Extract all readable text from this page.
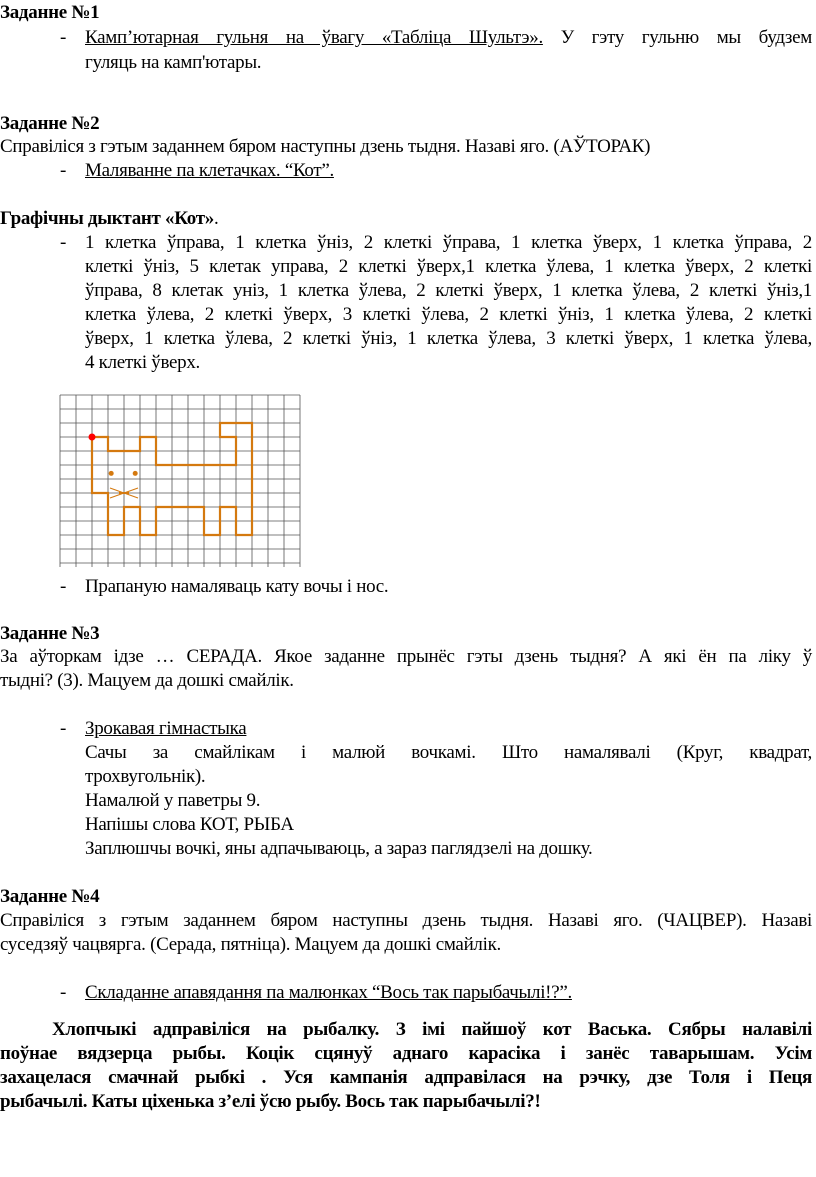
Заданне №1
- Камп’ютарная гульня на ўвагу «Табліца Шультэ». У гэту гульню мы будзем
гуляць на камп'ютары.
Заданне №2
Справіліся з гэтым заданнем бяром наступны дзень тыдня. Назаві яго. (АЎТОРАК)
- Маляванне па клетачках. “Кот”.
Графічны дыктант «Кот».
- 1 клетка ўправа, 1 клетка ўніз, 2 клеткі ўправа, 1 клетка ўверх, 1 клетка ўправа, 2
клеткі ўніз, 5 клетак управа, 2 клеткі ўверх,1 клетка ўлева, 1 клетка ўверх, 2 клеткі
ўправа, 8 клетак уніз, 1 клетка ўлева, 2 клеткі ўверх, 1 клетка ўлева, 2 клеткі ўніз,1
клетка ўлева, 2 клеткі ўверх, 3 клеткі ўлева, 2 клеткі ўніз, 1 клетка ўлева, 2 клеткі
ўверх, 1 клетка ўлева, 2 клеткі ўніз, 1 клетка ўлева, 3 клеткі ўверх, 1 клетка ўлева,
4 клеткі ўверх.
- Прапаную намаляваць кату вочы і нос.
Заданне №3
За аўторкам ідзе … СЕРАДА. Якое заданне прынёс гэты дзень тыдня? А які ён па ліку ў
тыдні? (3). Мацуем да дошкі смайлік.
- Зрокавая гімнастыка
Сачы за смайлікам і малюй вочкамі. Што намалявалі (Круг, квадрат,
трохвугольнік).
Намалюй у паветры 9.
Напішы слова КОТ, РЫБА
Заплюшчы вочкі, яны адпачываюць, а зараз паглядзелі на дошку.
Заданне №4
Справіліся з гэтым заданнем бяром наступны дзень тыдня. Назаві яго. (ЧАЦВЕР). Назаві
суседзяў чацвярга. (Серада, пятніца). Мацуем да дошкі смайлік.
- Складанне апавядання па малюнках “Вось так парыбачылі!?”.
Хлопчыкі адправіліся на рыбалку. З імі пайшоў кот Васька. Сябры налавілі
поўнае вядзерца рыбы. Коцік сцянуў аднаго карасіка і занёс таварышам. Усім
захацелася смачнай рыбкі . Уся кампанія адправілася на рэчку, дзе Толя і Пеця
рыбачылі. Каты ціхенька з’елі ўсю рыбу. Вось так парыбачылі?!
